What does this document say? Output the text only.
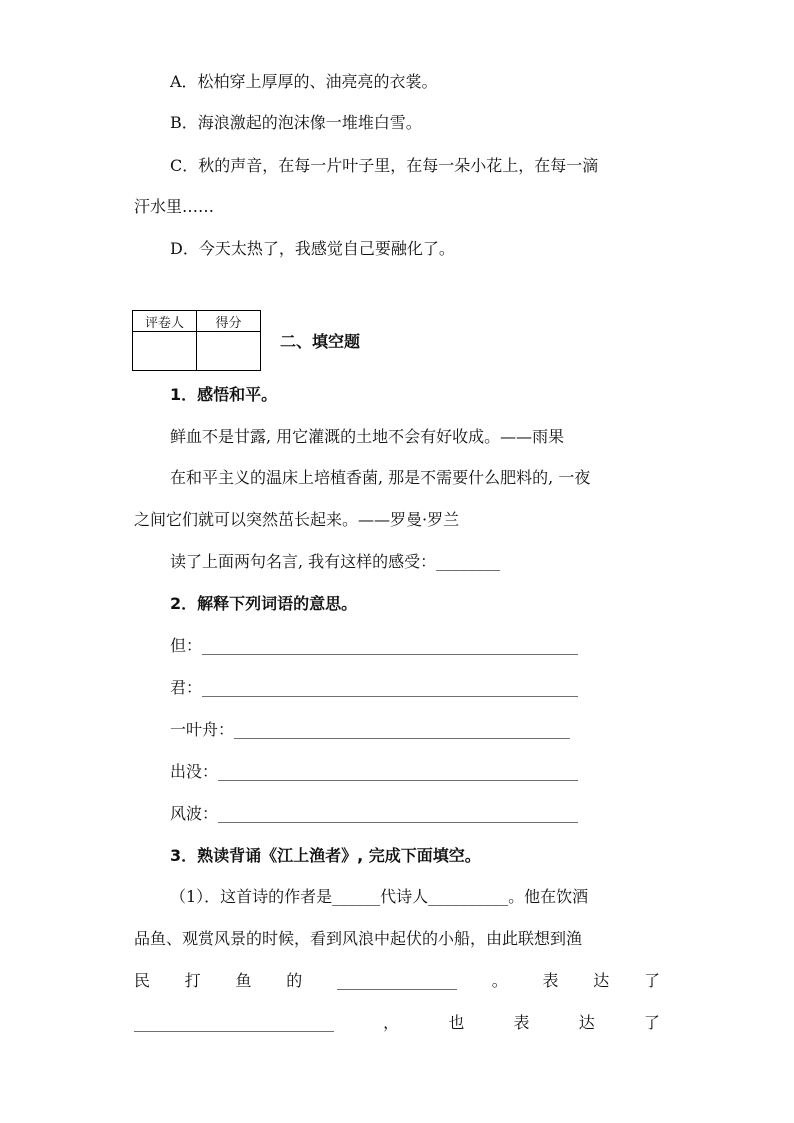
A．松柏穿上厚厚的、油亮亮的衣裳。
B．海浪激起的泡沫像一堆堆白雪。
C．秋的声音，在每一片叶子里，在每一朵小花上，在每一滴
汗水里……
D．今天太热了，我感觉自己要融化了。
评卷人	得分

二、填空题
1．感悟和平。
鲜血不是甘露, 用它灌溉的土地不会有好收成。——雨果
在和平主义的温床上培植香菌, 那是不需要什么肥料的, 一夜
之间它们就可以突然茁长起来。——罗曼·罗兰
读了上面两句名言, 我有这样的感受：________
2．解释下列词语的意思。
但：_______________________________________________
君：_______________________________________________
一叶舟：__________________________________________
出没：_____________________________________________
风波：_____________________________________________
3．熟读背诵《江上渔者》, 完成下面填空。
（1）．这首诗的作者是______代诗人__________。他在饮酒
品鱼、观赏风景的时候，看到风浪中起伏的小船，由此联想到渔
民 打 鱼 的 _______________ 。 表 达 了
_________________________	，	也	表	达	了
